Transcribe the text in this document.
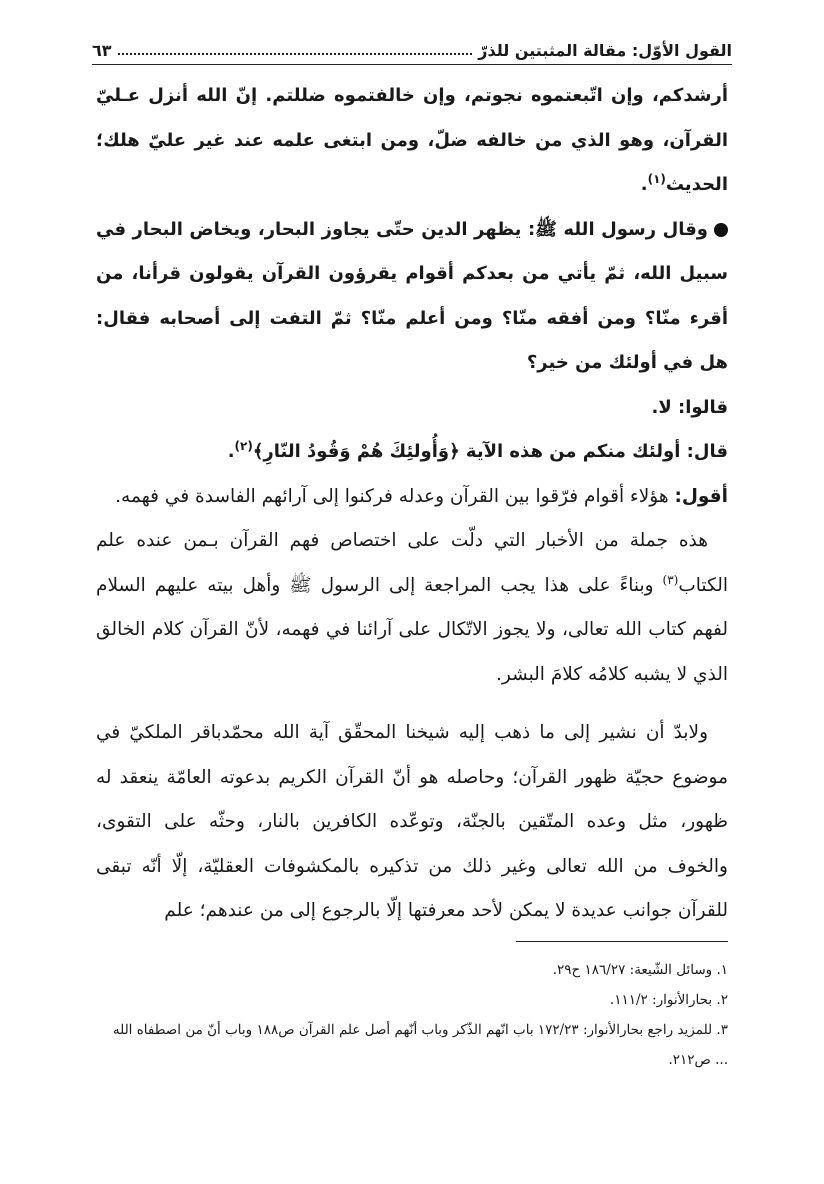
القول الأوّل: مقالة المثبتين للذرّ
٦٣

أرشدكم، وإن اتّبعتموه نجوتم، وإن خالفتموه ضللتم. إنّ الله أنزل عـليّ القرآن، وهو الذي من خالفه ضلّ، ومن ابتغى علمه عند غير عليّ هلك؛ الحديث$^{(١)}$.

وقال رسول الله ﷺ: يظهر الدين حتّى يجاوز البحار، ويخاض البحار في سبيل الله، ثمّ يأتي من بعدكم أقوام يقرؤون القرآن يقولون قرأنا، من أقرء منّا؟ ومن أفقه منّا؟ ومن أعلم منّا؟ ثمّ التفت إلى أصحابه فقال: هل في أولئك من خير؟

قالوا: لا.

قال: أولئك منكم من هذه الآية ﴿وَأُولئِكَ هُمْ وَقُودُ النّارِ﴾$^{(٢)}$.

أقول: هؤلاء أقوام فرّقوا بين القرآن وعدله فركنوا إلى آرائهم الفاسدة في فهمه.

هذه جملة من الأخبار التي دلّت على اختصاص فهم القرآن بـمن عنده علم الكتاب$^{(٣)}$ وبناءً على هذا يجب المراجعة إلى الرسول ﷺ وأهل بيته عليهم السلام لفهم كتاب الله تعالى، ولا يجوز الاتّكال على آرائنا في فهمه، لأنّ القرآن كلام الخالق الذي لا يشبه كلامُه كلامَ البشر.

ولابدّ أن نشير إلى ما ذهب إليه شيخنا المحقّق آية الله محمّدباقر الملكيّ في موضوع حجيّة ظهور القرآن؛ وحاصله هو أنّ القرآن الكريم بدعوته العامّة ينعقد له ظهور، مثل وعده المتّقين بالجنّة، وتوعّده الكافرين بالنار، وحثّه على التقوى، والخوف من الله تعالى وغير ذلك من تذكيره بالمكشوفات العقليّة، إلّا أنّه تبقى للقرآن جوانب عديدة لا يمكن لأحد معرفتها إلّا بالرجوع إلى من عندهم؛ علم

١. وسائل الشّيعة: ١٨٦/٢٧ ح٢٩.

٢. بحارالأنوار: ١١١/٢.

٣. للمزيد راجع بحارالأنوار: ١٧٢/٢٣ باب انّهم الذّكر وباب أنّهم أصل علم القرآن ص١٨٨ وباب أنّ من اصطفاه الله ... ص٢١٢.
